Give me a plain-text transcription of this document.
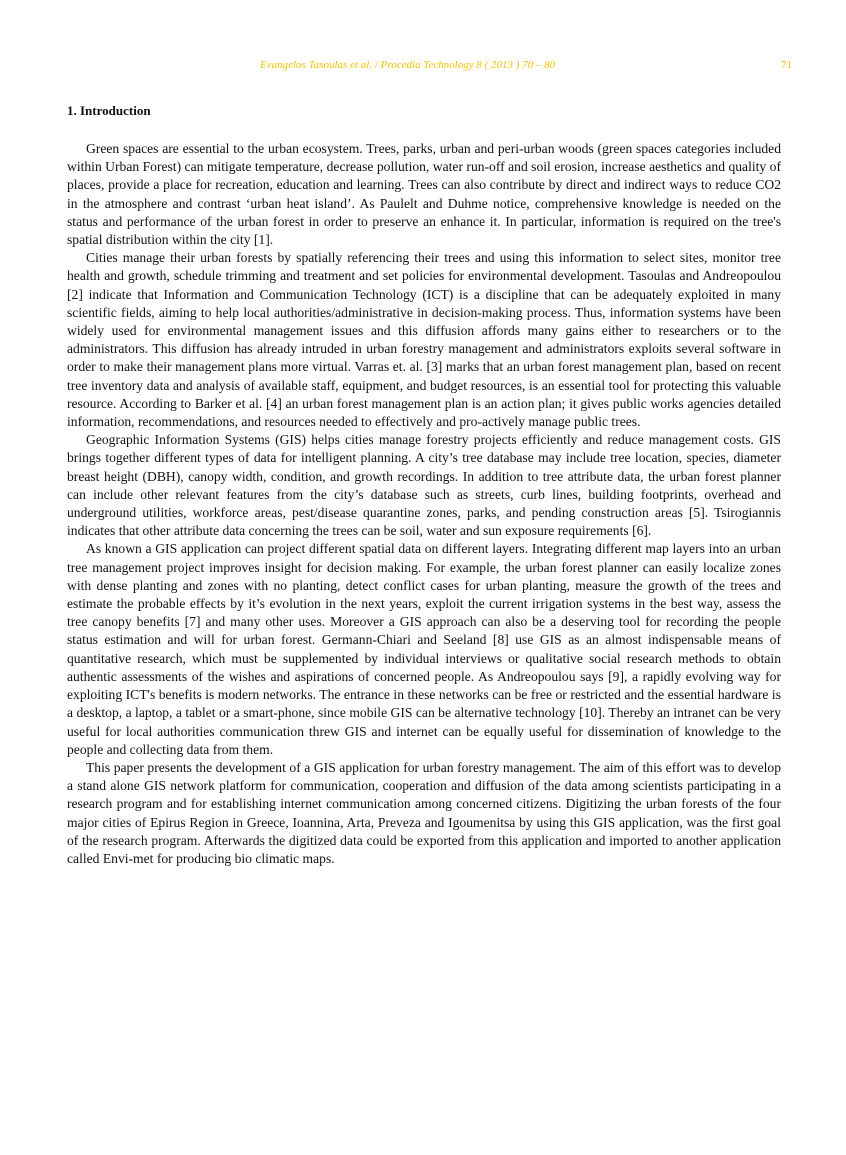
Evangelos Tasoulas et al. / Procedia Technology 8 ( 2013 ) 70 – 80	71
1. Introduction

Green spaces are essential to the urban ecosystem. Trees, parks, urban and peri-urban woods (green spaces categories included within Urban Forest) can mitigate temperature, decrease pollution, water run-off and soil erosion, increase aesthetics and quality of places, provide a place for recreation, education and learning. Trees can also contribute by direct and indirect ways to reduce CO2 in the atmosphere and contrast ‘urban heat island’. As Paulelt and Duhme notice, comprehensive knowledge is needed on the status and performance of the urban forest in order to preserve an enhance it. In particular, information is required on the tree's spatial distribution within the city [1].

Cities manage their urban forests by spatially referencing their trees and using this information to select sites, monitor tree health and growth, schedule trimming and treatment and set policies for environmental development. Tasoulas and Andreopoulou [2] indicate that Information and Communication Technology (ICT) is a discipline that can be adequately exploited in many scientific fields, aiming to help local authorities/administrative in decision-making process. Thus, information systems have been widely used for environmental management issues and this diffusion affords many gains either to researchers or to the administrators. This diffusion has already intruded in urban forestry management and administrators exploits several software in order to make their management plans more virtual. Varras et. al. [3] marks that an urban forest management plan, based on recent tree inventory data and analysis of available staff, equipment, and budget resources, is an essential tool for protecting this valuable resource. According to Barker et al. [4] an urban forest management plan is an action plan; it gives public works agencies detailed information, recommendations, and resources needed to effectively and pro-actively manage public trees.

Geographic Information Systems (GIS) helps cities manage forestry projects efficiently and reduce management costs. GIS brings together different types of data for intelligent planning. A city’s tree database may include tree location, species, diameter breast height (DBH), canopy width, condition, and growth recordings. In addition to tree attribute data, the urban forest planner can include other relevant features from the city’s database such as streets, curb lines, building footprints, overhead and underground utilities, workforce areas, pest/disease quarantine zones, parks, and pending construction areas [5]. Tsirogiannis indicates that other attribute data concerning the trees can be soil, water and sun exposure requirements [6].

As known a GIS application can project different spatial data on different layers. Integrating different map layers into an urban tree management project improves insight for decision making. For example, the urban forest planner can easily localize zones with dense planting and zones with no planting, detect conflict cases for urban planting, measure the growth of the trees and estimate the probable effects by it’s evolution in the next years, exploit the current irrigation systems in the best way, assess the tree canopy benefits [7] and many other uses. Moreover a GIS approach can also be a deserving tool for recording the people status estimation and will for urban forest. Germann-Chiari and Seeland [8] use GIS as an almost indispensable means of quantitative research, which must be supplemented by individual interviews or qualitative social research methods to obtain authentic assessments of the wishes and aspirations of concerned people. As Andreopoulou says [9], a rapidly evolving way for exploiting ICT's benefits is modern networks. The entrance in these networks can be free or restricted and the essential hardware is a desktop, a laptop, a tablet or a smart-phone, since mobile GIS can be alternative technology [10]. Thereby an intranet can be very useful for local authorities communication threw GIS and internet can be equally useful for dissemination of knowledge to the people and collecting data from them.

This paper presents the development of a GIS application for urban forestry management. The aim of this effort was to develop a stand alone GIS network platform for communication, cooperation and diffusion of the data among scientists participating in a research program and for establishing internet communication among concerned citizens. Digitizing the urban forests of the four major cities of Epirus Region in Greece, Ioannina, Arta, Preveza and Igoumenitsa by using this GIS application, was the first goal of the research program. Afterwards the digitized data could be exported from this application and imported to another application called Envi-met for producing bio climatic maps.
